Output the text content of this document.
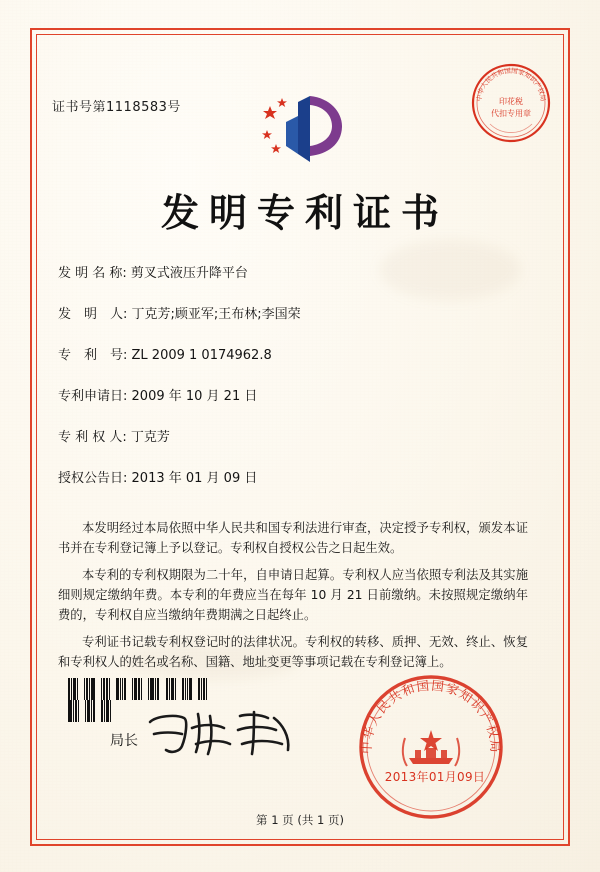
证书号第1118583号
中华人民共和国国家知识产权局
印花税
代扣专用章
发明专利证书
发 明 名 称: 剪叉式液压升降平台
发　明　人: 丁克芳;顾亚军;王布林;李国荣
专　利　号: ZL 2009 1 0174962.8
专利申请日: 2009 年 10 月 21 日
专 利 权 人: 丁克芳
授权公告日: 2013 年 01 月 09 日

本发明经过本局依照中华人民共和国专利法进行审查，决定授予专利权，颁发本证书并在专利登记簿上予以登记。专利权自授权公告之日起生效。

本专利的专利权期限为二十年，自申请日起算。专利权人应当依照专利法及其实施细则规定缴纳年费。本专利的年费应当在每年 10 月 21 日前缴纳。未按照规定缴纳年费的，专利权自应当缴纳年费期满之日起终止。

专利证书记载专利权登记时的法律状况。专利权的转移、质押、无效、终止、恢复和专利权人的姓名或名称、国籍、地址变更等事项记载在专利登记簿上。

局长	中华人民共和国国家知识产权局
2013年01月09日
第 1 页 (共 1 页)
